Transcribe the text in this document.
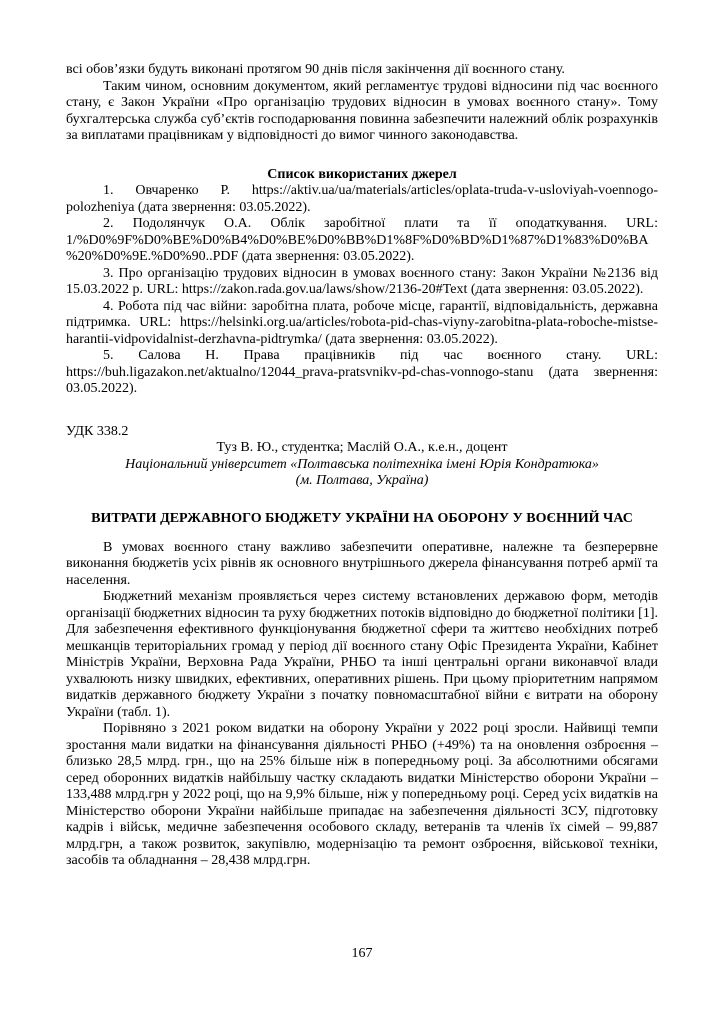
всі обов’язки будуть виконані протягом 90 днів після закінчення дії воєнного стану.

Таким чином, основним документом, який регламентує трудові відносини під час воєнного стану, є Закон України «Про організацію трудових відносин в умовах воєнного стану». Тому бухгалтерська служба суб’єктів господарювання повинна забезпечити належний облік розрахунків за виплатами працівникам у відповідності до вимог чинного законодавства.

Список використаних джерел

1. Овчаренко Р. https://aktiv.ua/ua/materials/articles/oplata-truda-v-usloviyah-voennogo-polozheniya (дата звернення: 03.05.2022).

2. Подолянчук О.А. Облік заробітної плати та її оподаткування. URL: 1/%D0%9F%D0%BE%D0%B4%D0%BE%D0%BB%D1%8F%D0%BD%D1%87%D1%83%D0%BA%20%D0%9E.%D0%90..PDF (дата звернення: 03.05.2022).

3. Про організацію трудових відносин в умовах воєнного стану: Закон України №2136 від 15.03.2022 р. URL: https://zakon.rada.gov.ua/laws/show/2136-20#Text (дата звернення: 03.05.2022).

4. Робота під час війни: заробітна плата, робоче місце, гарантії, відповідальність, державна підтримка. URL: https://helsinki.org.ua/articles/robota-pid-chas-viyny-zarobitna-plata-roboche-mistse-harantii-vidpovidalnist-derzhavna-pidtrymka/ (дата звернення: 03.05.2022).

5. Салова Н. Права працівників під час воєнного стану. URL: https://buh.ligazakon.net/aktualno/12044_prava-pratsvnikv-pd-chas-vonnogo-stanu (дата звернення: 03.05.2022).

УДК 338.2

Туз В. Ю., студентка; Маслій О.А., к.е.н., доцент

Національний університет «Полтавська політехніка імені Юрія Кондратюка»

(м. Полтава, Україна)

ВИТРАТИ ДЕРЖАВНОГО БЮДЖЕТУ УКРАЇНИ НА ОБОРОНУ У ВОЄННИЙ ЧАС

В умовах воєнного стану важливо забезпечити оперативне, належне та безперервне виконання бюджетів усіх рівнів як основного внутрішнього джерела фінансування потреб армії та населення.

Бюджетний механізм проявляється через систему встановлених державою форм, методів організації бюджетних відносин та руху бюджетних потоків відповідно до бюджетної політики [1]. Для забезпечення ефективного функціонування бюджетної сфери та життєво необхідних потреб мешканців територіальних громад у період дії воєнного стану Офіс Президента України, Кабінет Міністрів України, Верховна Рада України, РНБО та інші центральні органи виконавчої влади ухвалюють низку швидких, ефективних, оперативних рішень. При цьому пріоритетним напрямом видатків державного бюджету України з початку повномасштабної війни є витрати на оборону України (табл. 1).

Порівняно з 2021 роком видатки на оборону України у 2022 році зросли. Найвищі темпи зростання мали видатки на фінансування діяльності РНБО (+49%) та на оновлення озброєння – близько 28,5 млрд. грн., що на 25% більше ніж в попередньому році. За абсолютними обсягами серед оборонних видатків найбільшу частку складають видатки Міністерство оборони України – 133,488 млрд.грн у 2022 році, що на 9,9% більше, ніж у попередньому році. Серед усіх видатків на Міністерство оборони України найбільше припадає на забезпечення діяльності ЗСУ, підготовку кадрів і військ, медичне забезпечення особового складу, ветеранів та членів їх сімей – 99,887 млрд.грн, а також розвиток, закупівлю, модернізацію та ремонт озброєння, військової техніки, засобів та обладнання – 28,438 млрд.грн.

167
